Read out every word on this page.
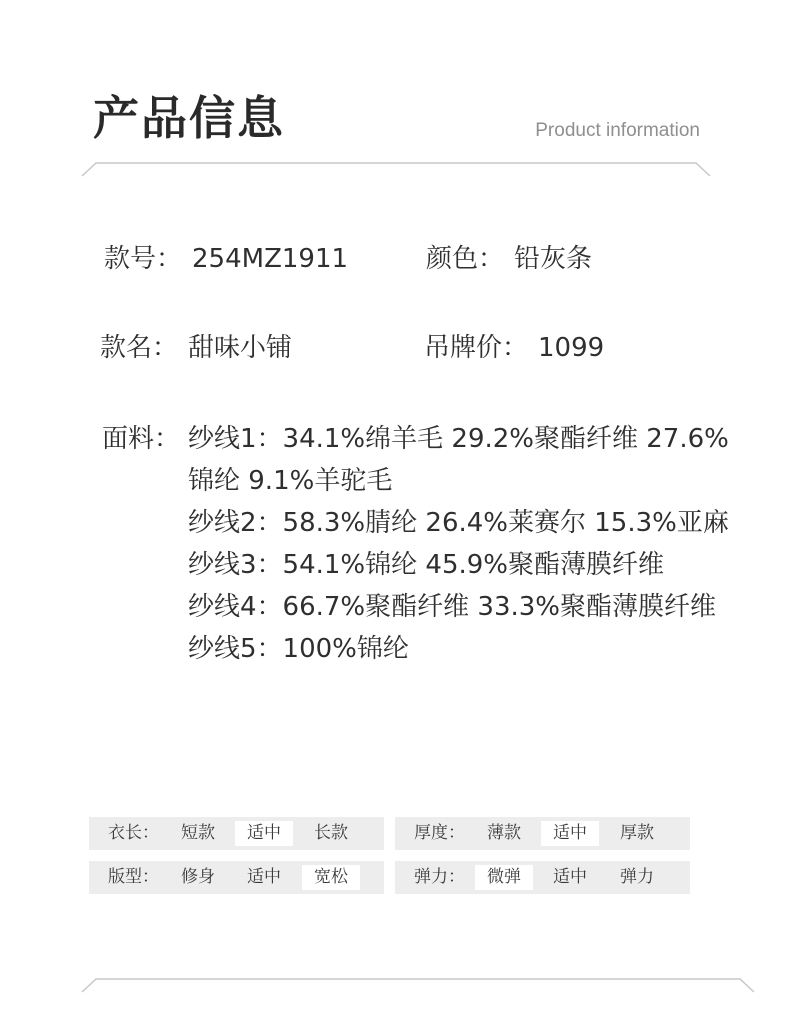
产品信息	Product information
款号： 254MZ1911	颜色： 铅灰条
款名： 甜味小铺	吊牌价： 1099
面料： 纱线1：34.1%绵羊毛 29.2%聚酯纤维 27.6%锦纶 9.1%羊驼毛
纱线2：58.3%腈纶 26.4%莱赛尔 15.3%亚麻
纱线3：54.1%锦纶 45.9%聚酯薄膜纤维
纱线4：66.7%聚酯纤维 33.3%聚酯薄膜纤维
纱线5：100%锦纶
衣长：	短款	适中	长款	厚度：	薄款	适中	厚款
版型：	修身	适中	宽松	弹力：	微弹	适中	弹力
